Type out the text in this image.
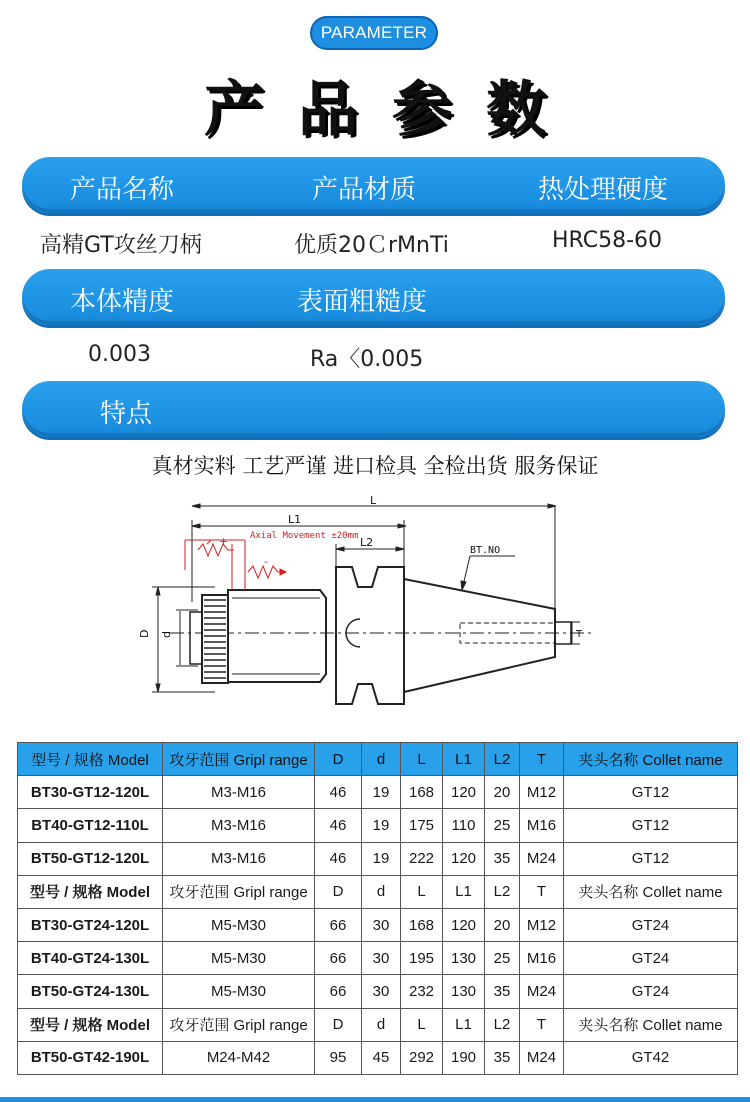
PARAMETER
产品参数
产品名称	产品材质	热处理硬度
高精GT攻丝刀柄	优质20ＣrMnTi	HRC58-60
本体精度	表面粗糙度
0.003	Ra〈0.005
特点
真材实料 工艺严谨 进口检具 全检出货 服务保证
Axial Movement ±20mm
+
-
L
L1
L2
BT.NO
D d	T
型号 / 规格 Model	攻牙范围 Gripl range	D	d	L	L1	L2	T	夹头名称 Collet name
BT30-GT12-120L	M3-M16	46	19	168	120	20	M12	GT12
BT40-GT12-110L	M3-M16	46	19	175	110	25	M16	GT12
BT50-GT12-120L	M3-M16	46	19	222	120	35	M24	GT12
型号 / 规格 Model	攻牙范围 Gripl range	D	d	L	L1	L2	T	夹头名称 Collet name
BT30-GT24-120L	M5-M30	66	30	168	120	20	M12	GT24
BT40-GT24-130L	M5-M30	66	30	195	130	25	M16	GT24
BT50-GT24-130L	M5-M30	66	30	232	130	35	M24	GT24
型号 / 规格 Model	攻牙范围 Gripl range	D	d	L	L1	L2	T	夹头名称 Collet name
BT50-GT42-190L	M24-M42	95	45	292	190	35	M24	GT42
